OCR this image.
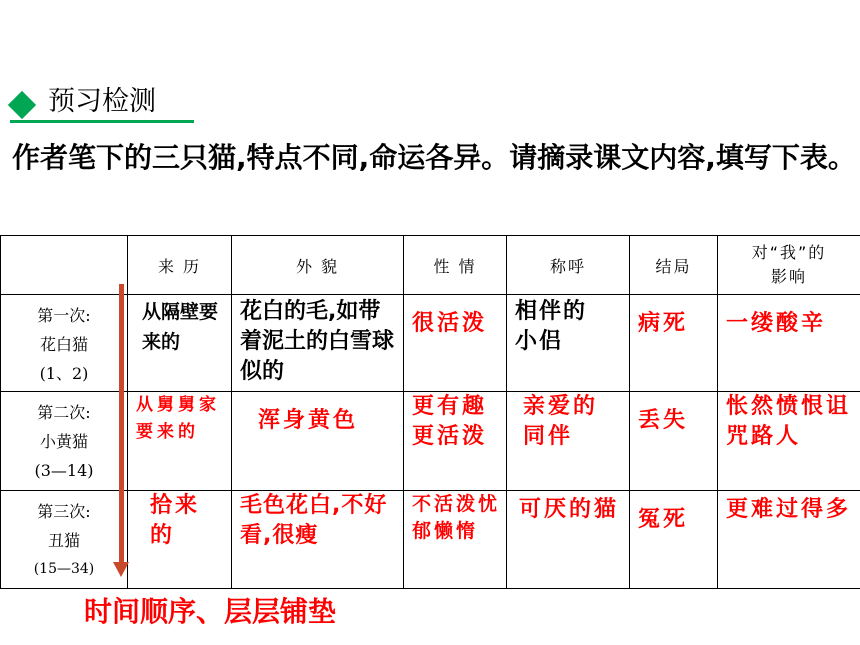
预习检测
作者笔下的三只猫,特点不同,命运各异。请摘录课文内容,填写下表。
	来 历	外 貌	性 情	称呼	结局	对“我”的影响

第一次:
花白猫
(1、2)	从隔壁要来的	花白的毛,如带着泥土的白雪球似的	很活泼	相伴的小侣	病死	一缕酸辛

第二次:
小黄猫
(3—14)	从舅舅家要来的	浑身黄色	更有趣更活泼	亲爱的同伴	丢失	怅然愤恨诅咒路人

第三次:
丑猫
(15—34)	拾来的	毛色花白,不好看,很瘦	不活泼忧郁懒惰	可厌的猫	冤死	更难过得多
时间顺序、层层铺垫
